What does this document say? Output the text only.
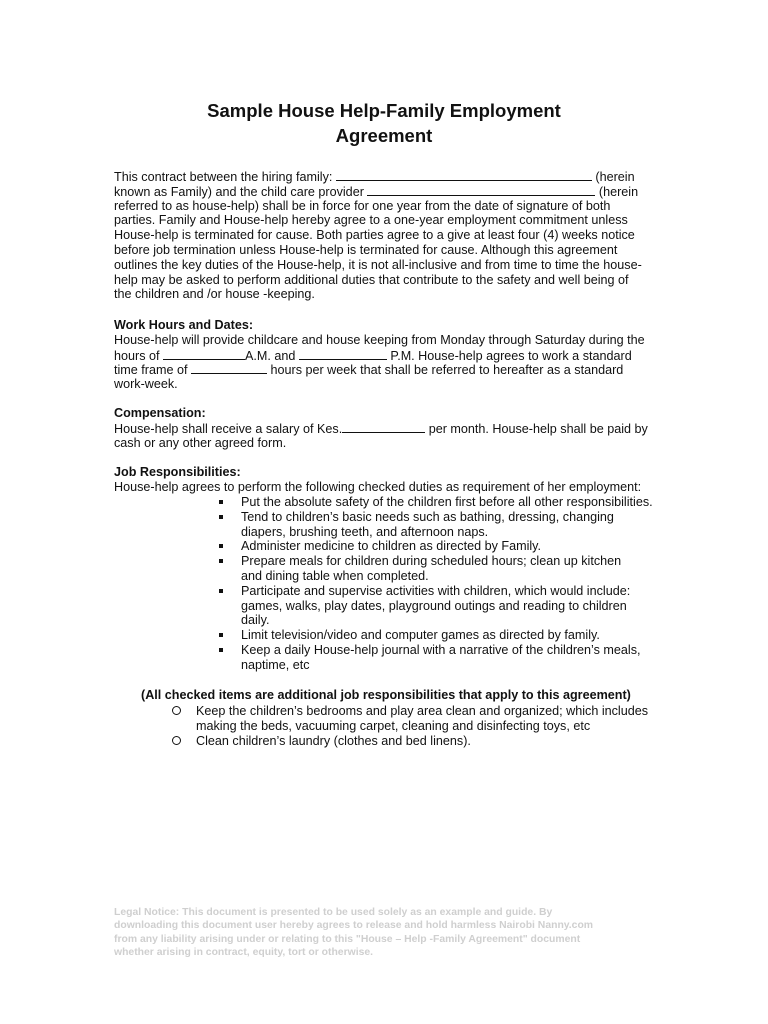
Sample House Help-Family Employment
Agreement
This contract between the hiring family:	(herein
known as Family) and the child care provider	(herein
referred to as house-help) shall be in force for one year from the date of signature of both
parties. Family and House-help hereby agree to a one-year employment commitment unless
House-help is terminated for cause. Both parties agree to a give at least four (4) weeks notice
before job termination unless House-help is terminated for cause. Although this agreement
outlines the key duties of the House-help, it is not all-inclusive and from time to time the house-
help may be asked to perform additional duties that contribute to the safety and well being of
the children and /or house -keeping.
Work Hours and Dates:
House-help will provide childcare and house keeping from Monday through Saturday during the
hours of	A.M. and	P.M. House-help agrees to work a standard
time frame of	hours per week that shall be referred to hereafter as a standard
work-week.
Compensation:
House-help shall receive a salary of Kes.	per month. House-help shall be paid by
cash or any other agreed form.
Job Responsibilities:
House-help agrees to perform the following checked duties as requirement of her employment:
Put the absolute safety of the children first before all other responsibilities.
Tend to children’s basic needs such as bathing, dressing, changing
diapers, brushing teeth, and afternoon naps.
Administer medicine to children as directed by Family.
Prepare meals for children during scheduled hours; clean up kitchen
and dining table when completed.
Participate and supervise activities with children, which would include:
games, walks, play dates, playground outings and reading to children
daily.
Limit television/video and computer games as directed by family.
Keep a daily House-help journal with a narrative of the children’s meals,
naptime, etc
(All checked items are additional job responsibilities that apply to this agreement)
Keep the children’s bedrooms and play area clean and organized; which includes
making the beds, vacuuming carpet, cleaning and disinfecting toys, etc
Clean children’s laundry (clothes and bed linens).
Legal Notice: This document is presented to be used solely as an example and guide. By
downloading this document user hereby agrees to release and hold harmless Nairobi Nanny.com
from any liability arising under or relating to this "House – Help -Family Agreement" document
whether arising in contract, equity, tort or otherwise.
